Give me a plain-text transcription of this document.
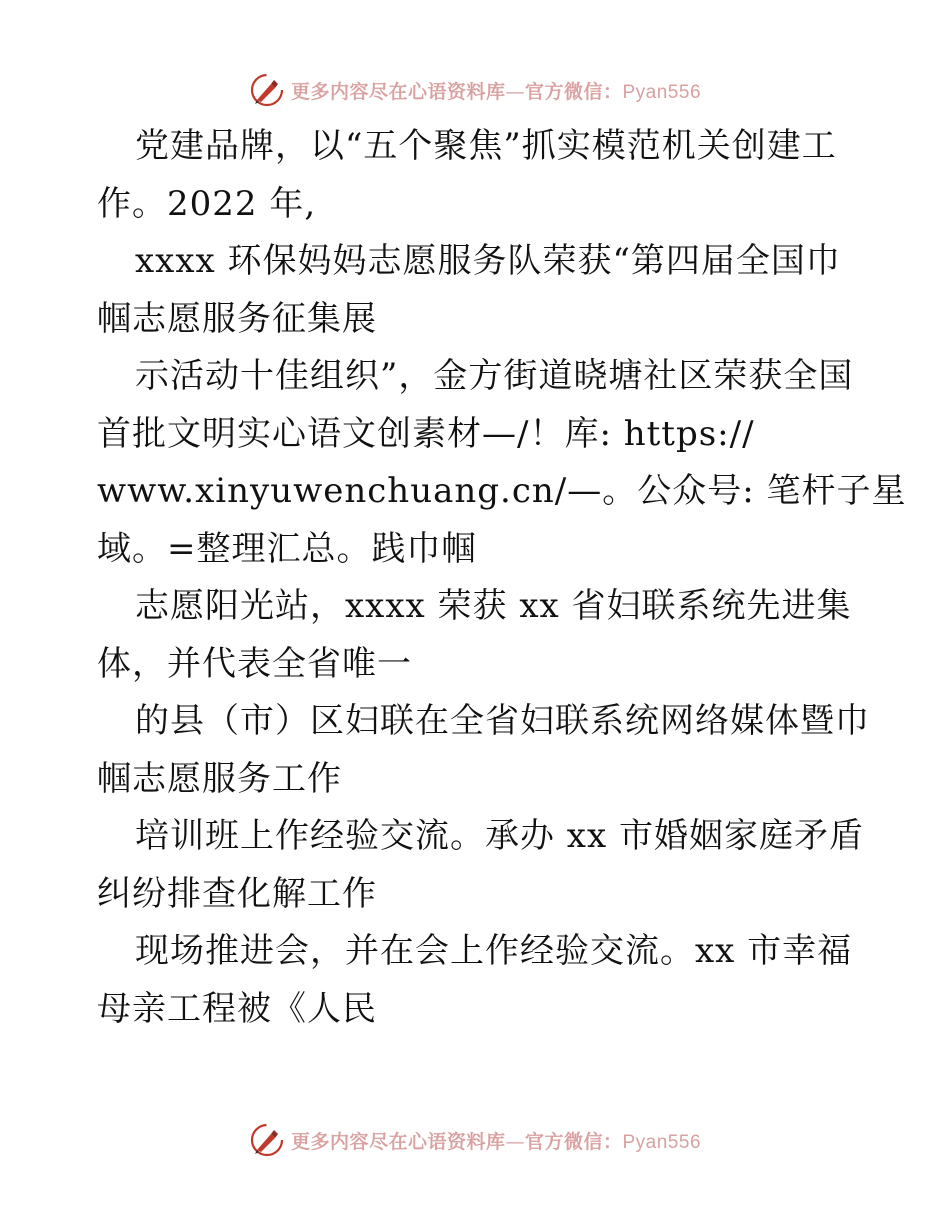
更多内容尽在心语资料库—官方微信：Pyan556
党建品牌，以“五个聚焦”抓实模范机关创建工
作。2022 年,
xxxx 环保妈妈志愿服务队荣获“第四届全国巾
帼志愿服务征集展
示活动十佳组织”，金方街道晓塘社区荣获全国
首批文明实心语文创素材—/！库: https://
www.xinyuwenchuang.cn/—。公众号: 笔杆子星
域。=整理汇总。践巾帼
志愿阳光站，xxxx 荣获 xx 省妇联系统先进集
体，并代表全省唯一
的县（市）区妇联在全省妇联系统网络媒体暨巾
帼志愿服务工作
培训班上作经验交流。承办 xx 市婚姻家庭矛盾
纠纷排查化解工作
现场推进会，并在会上作经验交流。xx 市幸福
母亲工程被《人民
更多内容尽在心语资料库—官方微信：Pyan556
